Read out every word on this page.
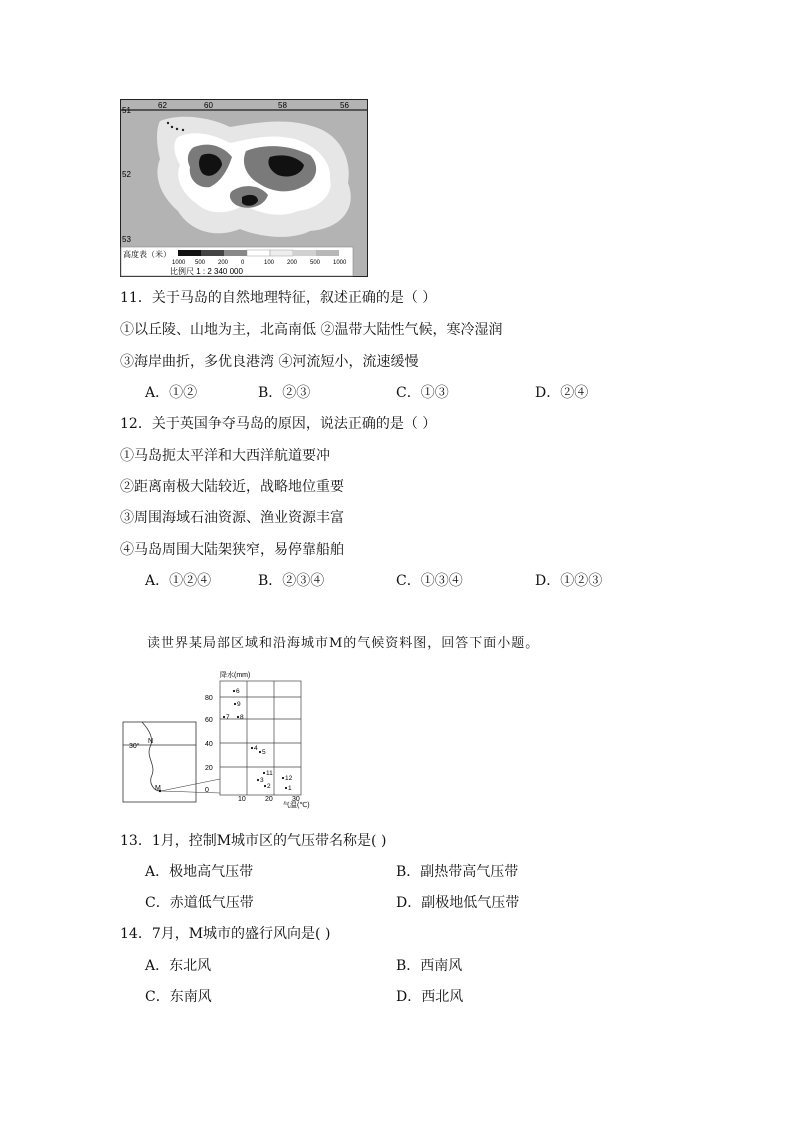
62	60	58	56
51
52
53
高度表（米）
1000 500 200 0	100 200 500 1000
比例尺 1 : 2 340 000
11．关于马岛的自然地理特征，叙述正确的是（ ）
①以丘陵、山地为主，北高南低 ②温带大陆性气候，寒冷湿润
③海岸曲折，多优良港湾 ④河流短小，流速缓慢
A．①②	B．②③	C．①③	D．②④
12．关于英国争夺马岛的原因，说法正确的是（ ）
①马岛扼太平洋和大西洋航道要冲
②距离南极大陆较近，战略地位重要
③周围海域石油资源、渔业资源丰富
④马岛周围大陆架狭窄，易停靠船舶
A．①②④	B．②③④	C．①③④	D．①②③
读世界某局部区域和沿海城市M的气候资料图，回答下面小题。
30°
N
M
降水(mm)
气温(℃)
80
60
40
20
0
10	20	30
6
9
7 8
4
5
11
3
2
12
1
13．1月，控制M城市区的气压带名称是( )
A．极地高气压带	B．副热带高气压带
C．赤道低气压带	D．副极地低气压带
14．7月，M城市的盛行风向是( )
A．东北风	B．西南风
C．东南风	D．西北风
